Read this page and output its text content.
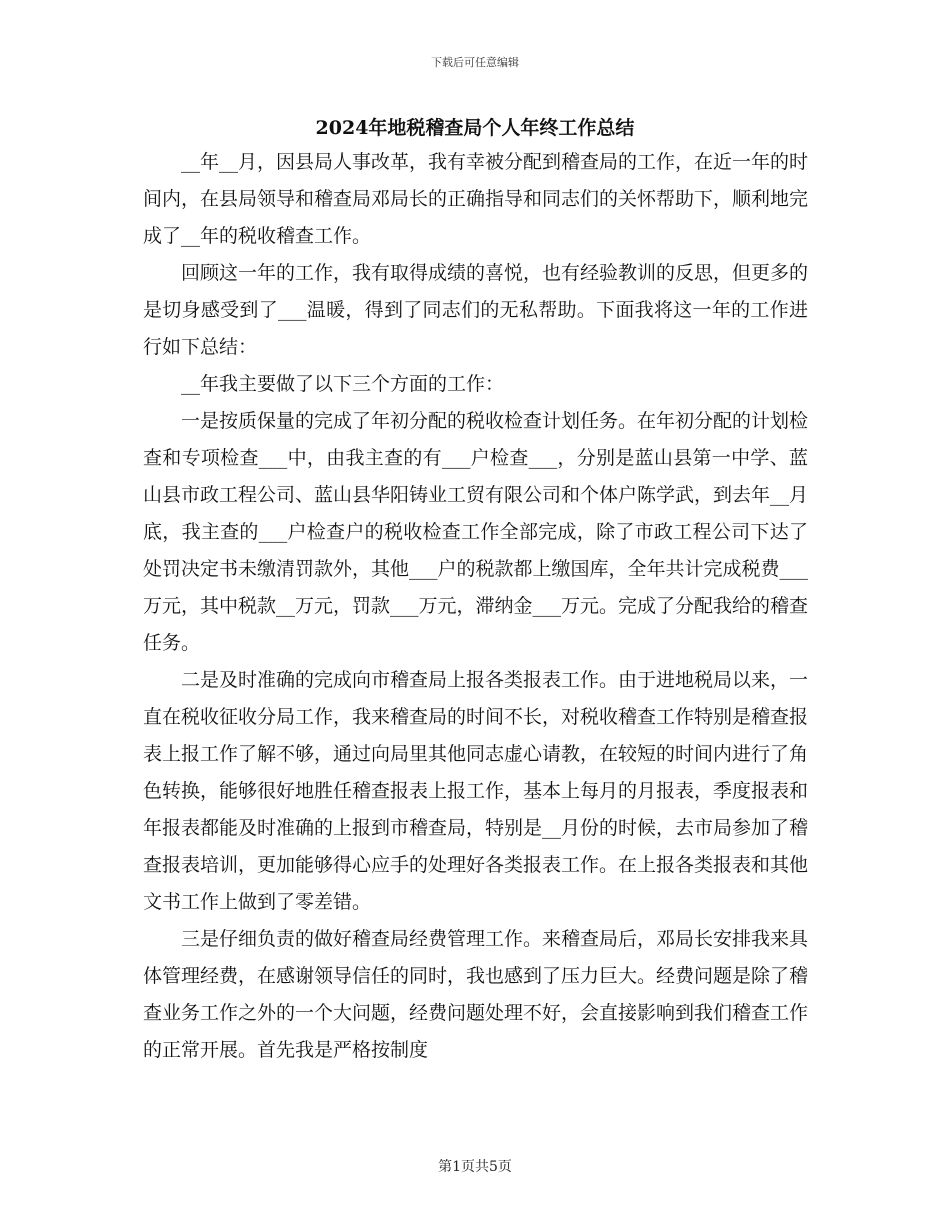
下载后可任意编辑
2024年地税稽查局个人年终工作总结

__年__月，因县局人事改革，我有幸被分配到稽查局的工作，在近一年的时间内，在县局领导和稽查局邓局长的正确指导和同志们的关怀帮助下，顺利地完成了__年的税收稽查工作。

回顾这一年的工作，我有取得成绩的喜悦，也有经验教训的反思，但更多的是切身感受到了___温暖，得到了同志们的无私帮助。下面我将这一年的工作进行如下总结：

__年我主要做了以下三个方面的工作：

一是按质保量的完成了年初分配的税收检查计划任务。在年初分配的计划检查和专项检查___中，由我主查的有___户检查___，分别是蓝山县第一中学、蓝山县市政工程公司、蓝山县华阳铸业工贸有限公司和个体户陈学武，到去年__月底，我主查的___户检查户的税收检查工作全部完成，除了市政工程公司下达了处罚决定书未缴清罚款外，其他___户的税款都上缴国库，全年共计完成税费___万元，其中税款__万元，罚款___万元，滞纳金___万元。完成了分配我给的稽查任务。

二是及时准确的完成向市稽查局上报各类报表工作。由于进地税局以来，一直在税收征收分局工作，我来稽查局的时间不长，对税收稽查工作特别是稽查报表上报工作了解不够，通过向局里其他同志虚心请教，在较短的时间内进行了角色转换，能够很好地胜任稽查报表上报工作，基本上每月的月报表，季度报表和年报表都能及时准确的上报到市稽查局，特别是__月份的时候，去市局参加了稽查报表培训，更加能够得心应手的处理好各类报表工作。在上报各类报表和其他文书工作上做到了零差错。

三是仔细负责的做好稽查局经费管理工作。来稽查局后，邓局长安排我来具体管理经费，在感谢领导信任的同时，我也感到了压力巨大。经费问题是除了稽查业务工作之外的一个大问题，经费问题处理不好，会直接影响到我们稽查工作的正常开展。首先我是严格按制度

第1页共5页
